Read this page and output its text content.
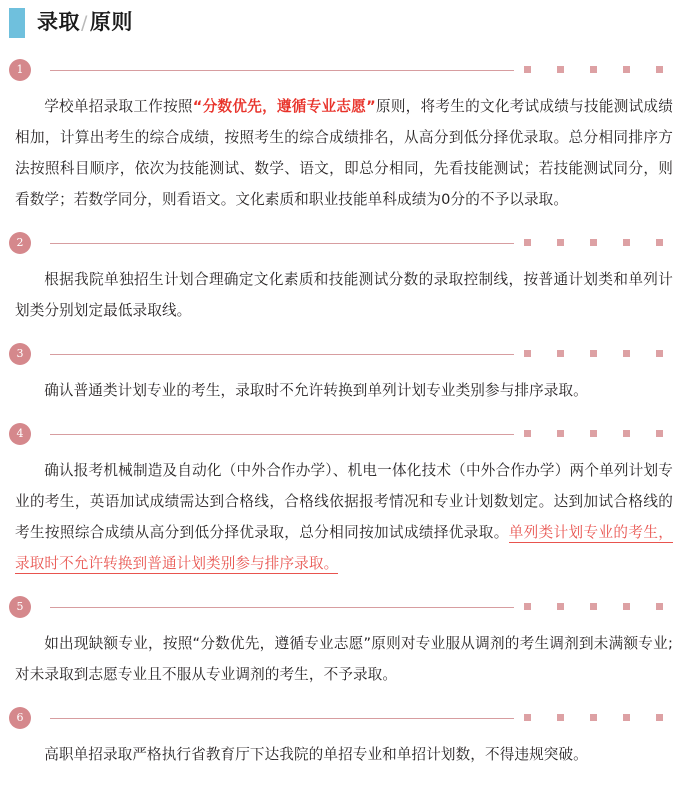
录取/原则
1

学校单招录取工作按照“分数优先，遵循专业志愿”原则，将考生的文化考试成绩与技能测试成绩相加，计算出考生的综合成绩，按照考生的综合成绩排名，从高分到低分择优录取。总分相同排序方法按照科目顺序，依次为技能测试、数学、语文，即总分相同，先看技能测试；若技能测试同分，则看数学；若数学同分，则看语文。文化素质和职业技能单科成绩为0分的不予以录取。

2

根据我院单独招生计划合理确定文化素质和技能测试分数的录取控制线，按普通计划类和单列计划类分别划定最低录取线。

3

确认普通类计划专业的考生，录取时不允许转换到单列计划专业类别参与排序录取。

4

确认报考机械制造及自动化（中外合作办学）、机电一体化技术（中外合作办学）两个单列计划专业的考生，英语加试成绩需达到合格线，合格线依据报考情况和专业计划数划定。达到加试合格线的考生按照综合成绩从高分到低分择优录取，总分相同按加试成绩择优录取。单列类计划专业的考生，录取时不允许转换到普通计划类别参与排序录取。

5

如出现缺额专业，按照“分数优先，遵循专业志愿”原则对专业服从调剂的考生调剂到未满额专业;对未录取到志愿专业且不服从专业调剂的考生，不予录取。

6

高职单招录取严格执行省教育厅下达我院的单招专业和单招计划数，不得违规突破。
